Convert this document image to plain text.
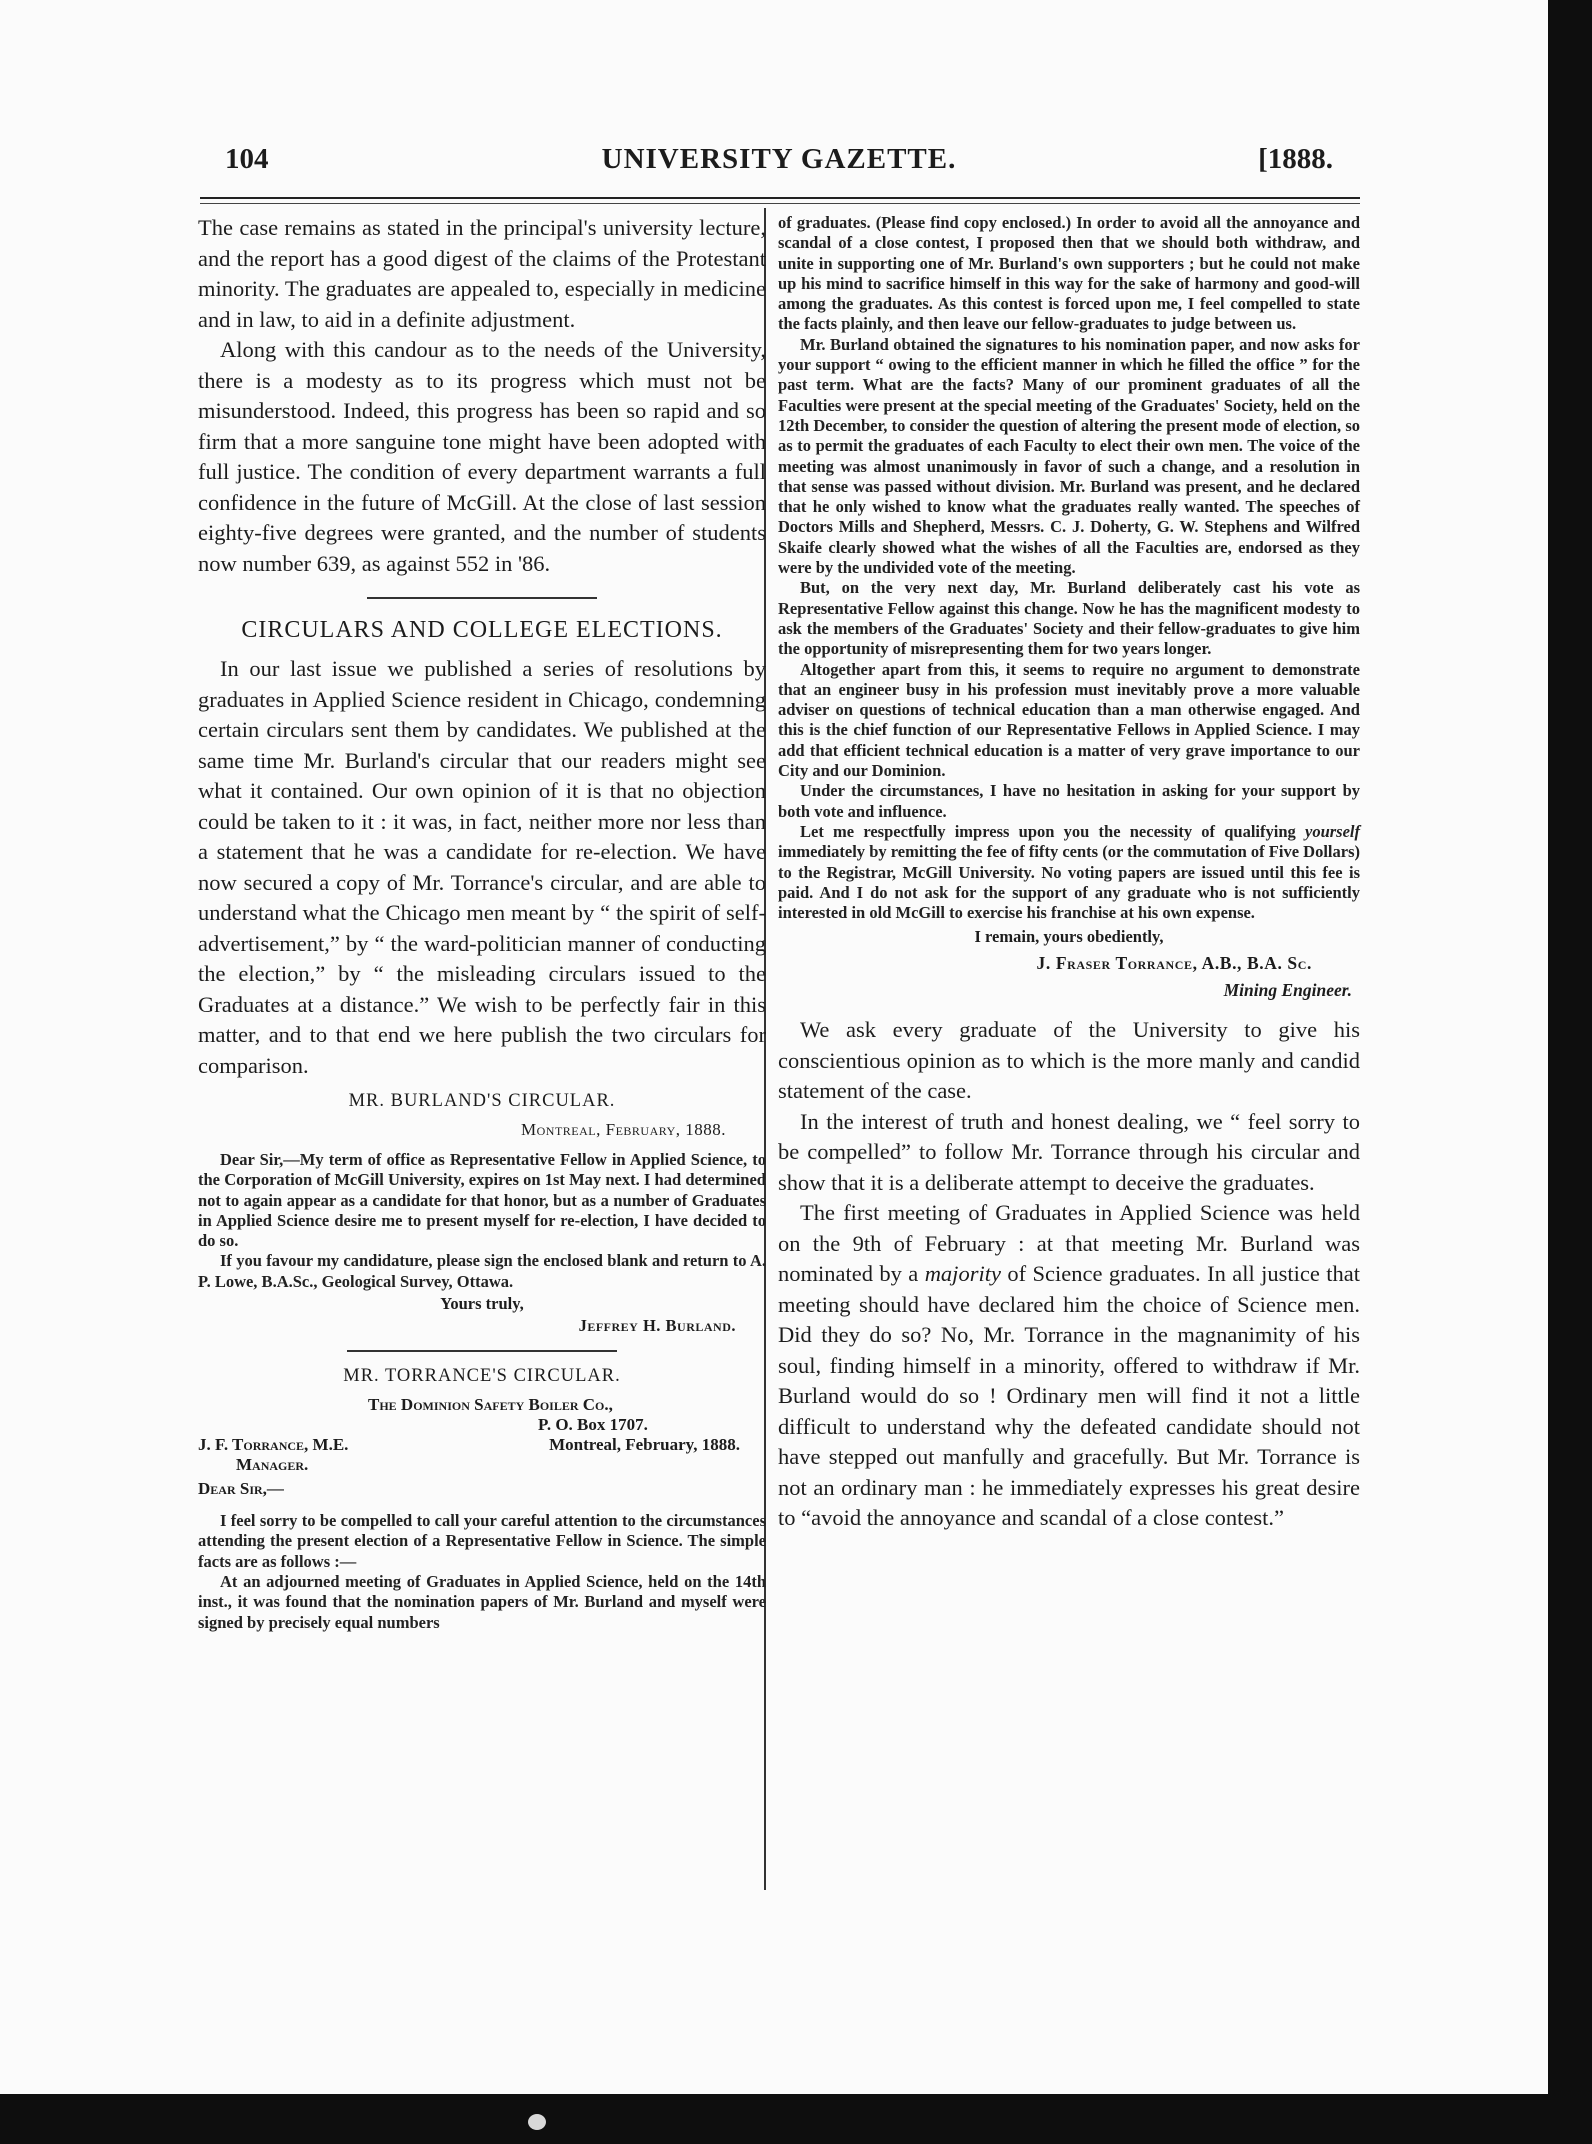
104	UNIVERSITY GAZETTE.	[1888.

The case remains as stated in the principal's university lecture, and the report has a good digest of the claims of the Protestant minority. The graduates are appealed to, especially in medicine and in law, to aid in a definite adjustment.

Along with this candour as to the needs of the University, there is a modesty as to its progress which must not be misunderstood. Indeed, this progress has been so rapid and so firm that a more sanguine tone might have been adopted with full justice. The condition of every department warrants a full confidence in the future of McGill. At the close of last session eighty-five degrees were granted, and the number of students now number 639, as against 552 in '86.

CIRCULARS AND COLLEGE ELECTIONS.

In our last issue we published a series of resolutions by graduates in Applied Science resident in Chicago, condemning certain circulars sent them by candidates. We published at the same time Mr. Burland's circular that our readers might see what it contained. Our own opinion of it is that no objection could be taken to it : it was, in fact, neither more nor less than a statement that he was a candidate for re-election. We have now secured a copy of Mr. Torrance's circular, and are able to understand what the Chicago men meant by “ the spirit of self-advertisement,” by “ the ward-politician manner of conducting the election,” by “ the misleading circulars issued to the Graduates at a distance.” We wish to be perfectly fair in this matter, and to that end we here publish the two circulars for comparison.

MR. BURLAND'S CIRCULAR.
Montreal, February, 1888.

Dear Sir,—My term of office as Representative Fellow in Applied Science, to the Corporation of McGill University, expires on 1st May next. I had determined not to again appear as a candidate for that honor, but as a number of Graduates in Applied Science desire me to present myself for re-election, I have decided to do so.

If you favour my candidature, please sign the enclosed blank and return to A. P. Lowe, B.A.Sc., Geological Survey, Ottawa.

Yours truly,
Jeffrey H. Burland.
MR. TORRANCE'S CIRCULAR.
The Dominion Safety Boiler Co.,
P. O. Box 1707.
J. F. Torrance, M.E.	Montreal, February, 1888.
Manager.
Dear Sir,—

I feel sorry to be compelled to call your careful attention to the circumstances attending the present election of a Representative Fellow in Science. The simple facts are as follows :—

At an adjourned meeting of Graduates in Applied Science, held on the 14th inst., it was found that the nomination papers of Mr. Burland and myself were signed by precisely equal numbers

of graduates. (Please find copy enclosed.) In order to avoid all the annoyance and scandal of a close contest, I proposed then that we should both withdraw, and unite in supporting one of Mr. Burland's own supporters ; but he could not make up his mind to sacrifice himself in this way for the sake of harmony and good-will among the graduates. As this contest is forced upon me, I feel compelled to state the facts plainly, and then leave our fellow-graduates to judge between us.

Mr. Burland obtained the signatures to his nomination paper, and now asks for your support “ owing to the efficient manner in which he filled the office ” for the past term. What are the facts? Many of our prominent graduates of all the Faculties were present at the special meeting of the Graduates' Society, held on the 12th December, to consider the question of altering the present mode of election, so as to permit the graduates of each Faculty to elect their own men. The voice of the meeting was almost unanimously in favor of such a change, and a resolution in that sense was passed without division. Mr. Burland was present, and he declared that he only wished to know what the graduates really wanted. The speeches of Doctors Mills and Shepherd, Messrs. C. J. Doherty, G. W. Stephens and Wilfred Skaife clearly showed what the wishes of all the Faculties are, endorsed as they were by the undivided vote of the meeting.

But, on the very next day, Mr. Burland deliberately cast his vote as Representative Fellow against this change. Now he has the magnificent modesty to ask the members of the Graduates' Society and their fellow-graduates to give him the opportunity of misrepresenting them for two years longer.

Altogether apart from this, it seems to require no argument to demonstrate that an engineer busy in his profession must inevitably prove a more valuable adviser on questions of technical education than a man otherwise engaged. And this is the chief function of our Representative Fellows in Applied Science. I may add that efficient technical education is a matter of very grave importance to our City and our Dominion.

Under the circumstances, I have no hesitation in asking for your support by both vote and influence.

Let me respectfully impress upon you the necessity of qualifying yourself immediately by remitting the fee of fifty cents (or the commutation of Five Dollars) to the Registrar, McGill University. No voting papers are issued until this fee is paid. And I do not ask for the support of any graduate who is not sufficiently interested in old McGill to exercise his franchise at his own expense.

I remain, yours obediently,
J. Fraser Torrance, A.B., B.A. Sc.
Mining Engineer.

We ask every graduate of the University to give his conscientious opinion as to which is the more manly and candid statement of the case.

In the interest of truth and honest dealing, we “ feel sorry to be compelled” to follow Mr. Torrance through his circular and show that it is a deliberate attempt to deceive the graduates.

The first meeting of Graduates in Applied Science was held on the 9th of February : at that meeting Mr. Burland was nominated by a majority of Science graduates. In all justice that meeting should have declared him the choice of Science men. Did they do so? No, Mr. Torrance in the magnanimity of his soul, finding himself in a minority, offered to withdraw if Mr. Burland would do so ! Ordinary men will find it not a little difficult to understand why the defeated candidate should not have stepped out manfully and gracefully. But Mr. Torrance is not an ordinary man : he immediately expresses his great desire to “avoid the annoyance and scandal of a close contest.”
